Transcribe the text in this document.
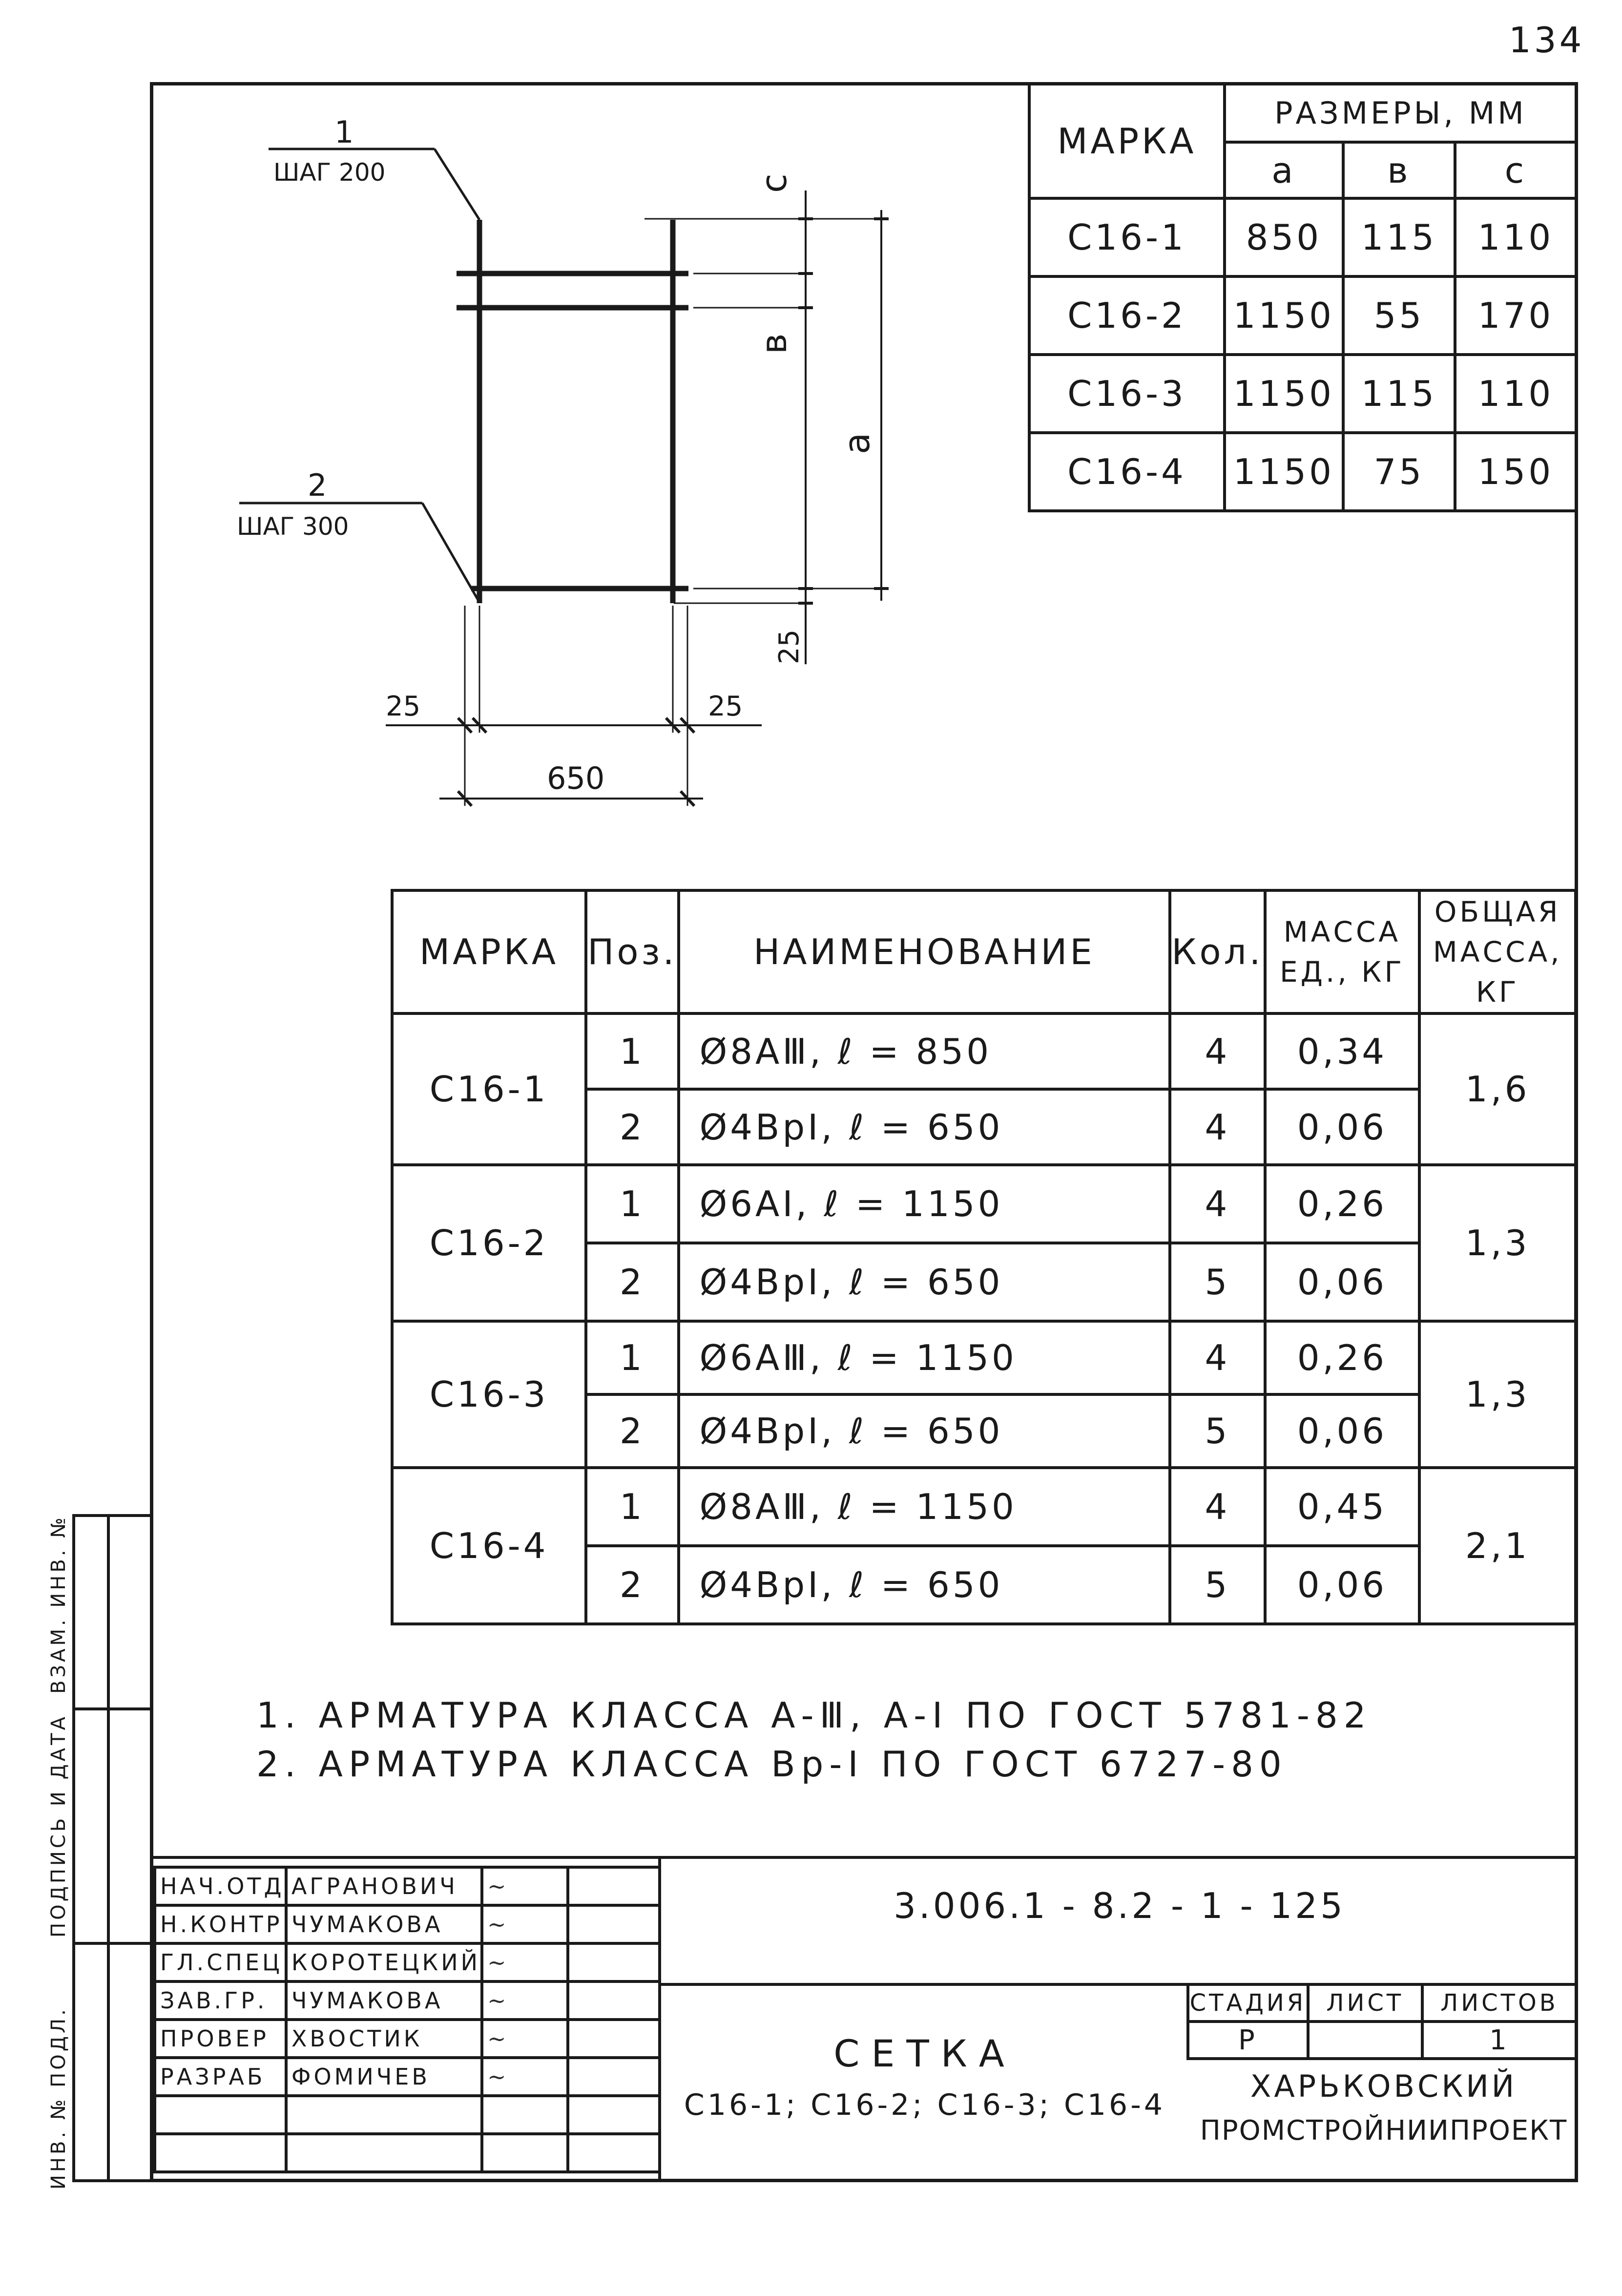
134
1
ШАГ 200
2
ШАГ 300
с
в
а
25
25	25
650
МАРКА	РАЗМЕРЫ, ММ		
	а	в	с
С16-1	850	115	110
С16-2	1150	55	170
С16-3	1150	115	110
С16-4	1150	75	150
МАРКА	Поз.	НАИМЕНОВАНИЕ	Кол.	МАССА ЕД., КГ	ОБЩАЯ МАССА, КГ
С16-1	1	Ø8АⅢ, ℓ = 850	4	0,34	1,6
	2	Ø4ВрI, ℓ = 650	4	0,06	
С16-2	1	Ø6АI, ℓ = 1150	4	0,26	1,3
	2	Ø4ВрI, ℓ = 650	5	0,06	
С16-3	1	Ø6АⅢ, ℓ = 1150	4	0,26	1,3
	2	Ø4ВрI, ℓ = 650	5	0,06	
С16-4	1	Ø8АⅢ, ℓ = 1150	4	0,45	2,1
	2	Ø4ВрI, ℓ = 650	5	0,06	
1. АРМАТУРА КЛАССА А-Ⅲ, А-I ПО ГОСТ 5781-82
2. АРМАТУРА КЛАССА Вр-I ПО ГОСТ 6727-80
ИНВ. № ПОДЛ.
ПОДПИСЬ И ДАТА
ВЗАМ. ИНВ. №
НАЧ.ОТД	АГРАНОВИЧ	∼	
Н.КОНТР	ЧУМАКОВА	∼	
ГЛ.СПЕЦ	КОРОТЕЦКИЙ	∼	
ЗАВ.ГР.	ЧУМАКОВА	∼	
ПРОВЕР	ХВОСТИК	∼	
РАЗРАБ	ФОМИЧЕВ	∼	

3.006.1 - 8.2 - 1 - 125
СЕТКА
С16-1; С16-2; С16-3; С16-4
СТАДИЯ	ЛИСТ	ЛИСТОВ
Р		1
ХАРЬКОВСКИЙ
ПРОМСТРОЙНИИПРОЕКТ
